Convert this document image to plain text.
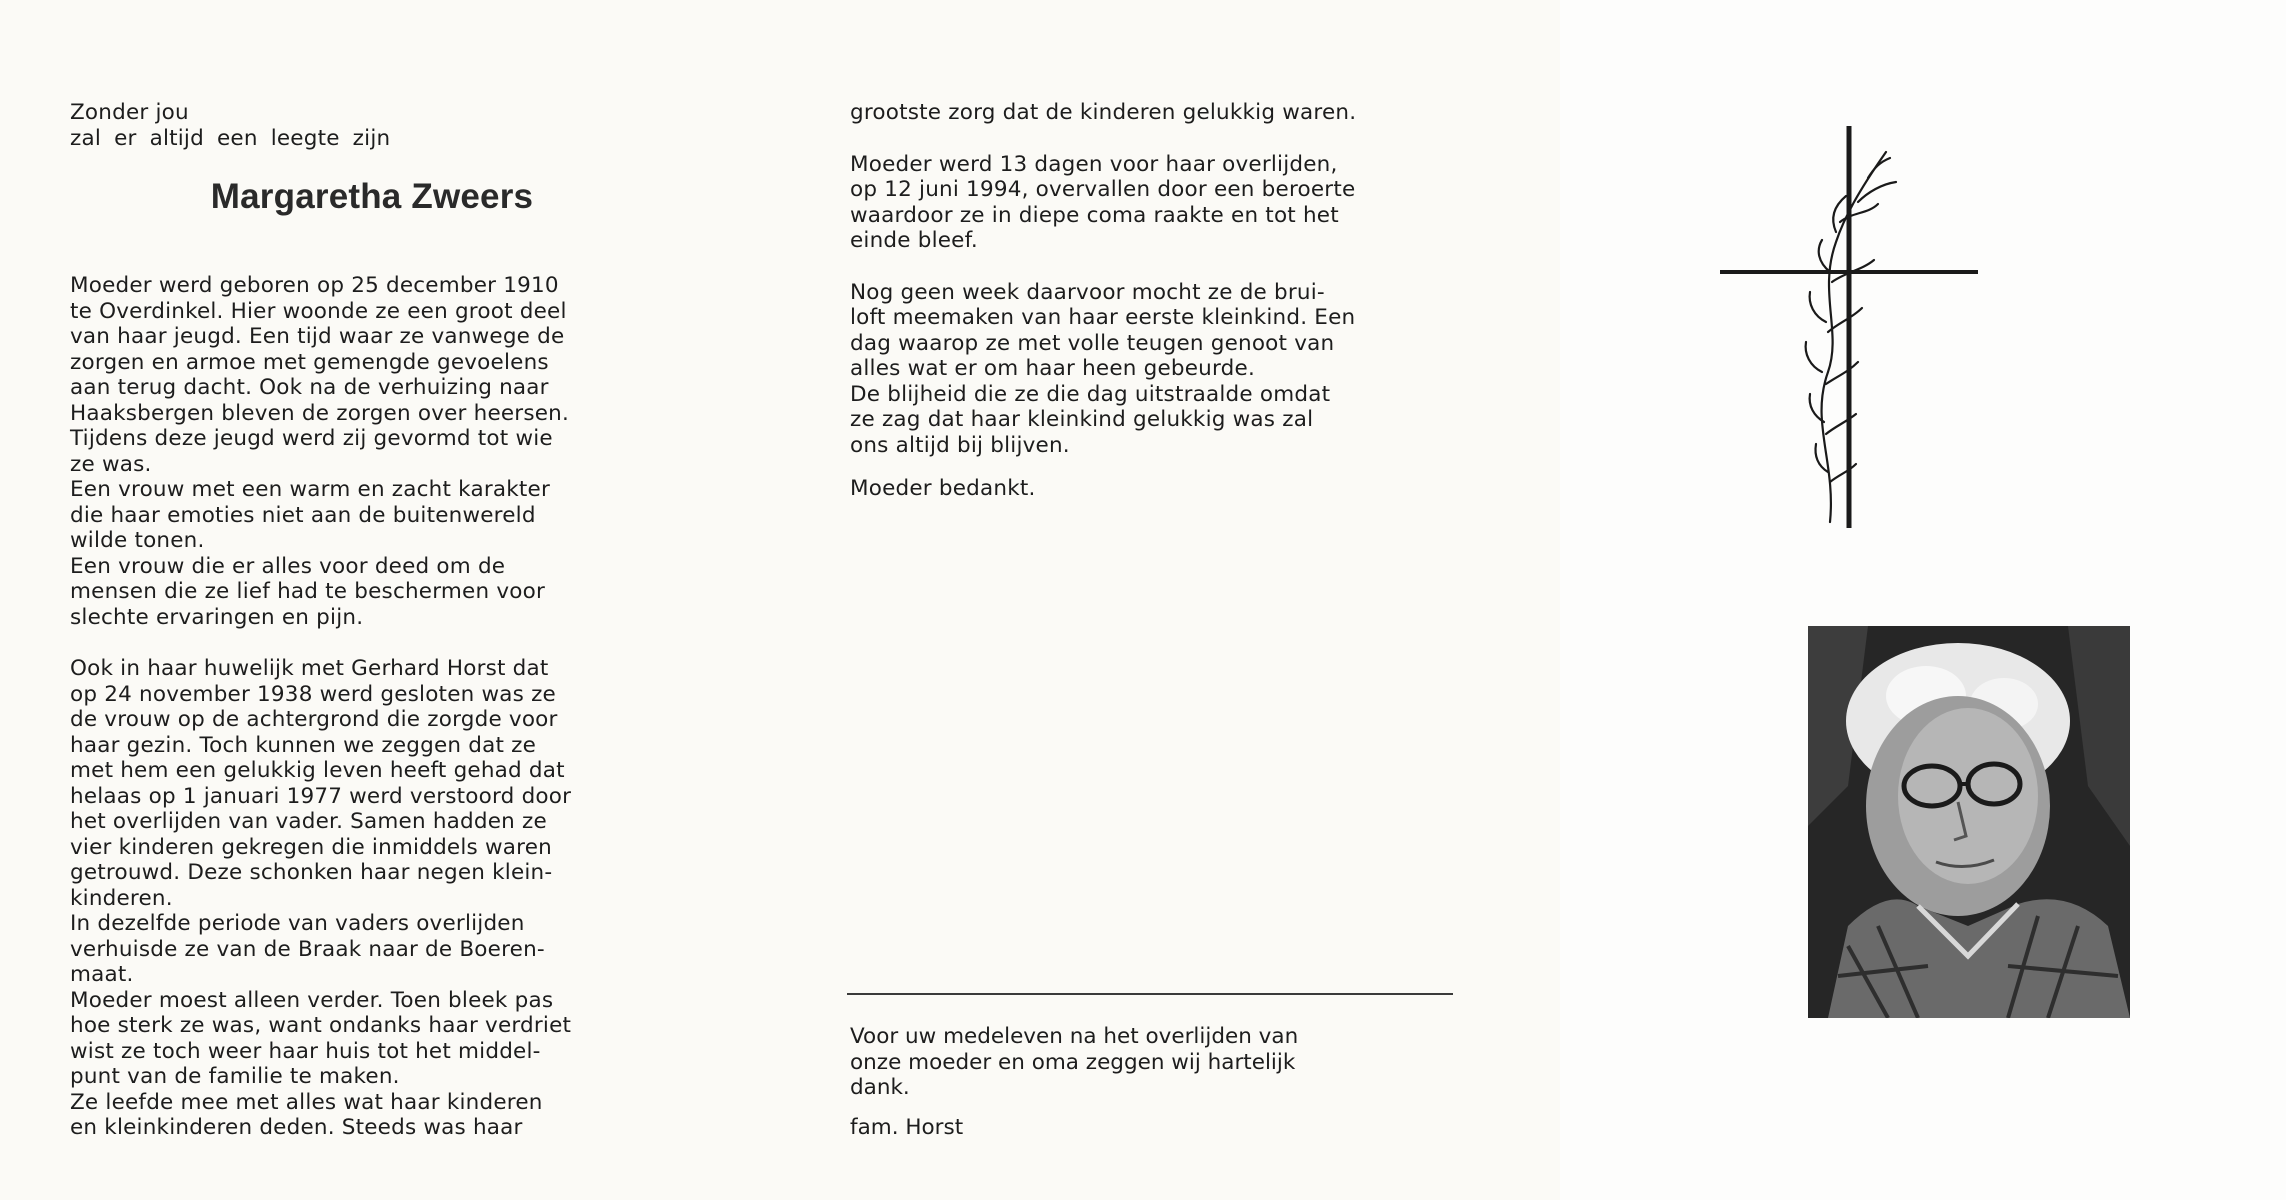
Zonder jou

zal er altijd een leegte zijn

Margaretha Zweers

Moeder werd geboren op 25 december 1910

te Overdinkel. Hier woonde ze een groot deel

van haar jeugd. Een tijd waar ze vanwege de

zorgen en armoe met gemengde gevoelens

aan terug dacht. Ook na de verhuizing naar

Haaksbergen bleven de zorgen over heersen.

Tijdens deze jeugd werd zij gevormd tot wie

ze was.

Een vrouw met een warm en zacht karakter

die haar emoties niet aan de buitenwereld

wilde tonen.

Een vrouw die er alles voor deed om de

mensen die ze lief had te beschermen voor

slechte ervaringen en pijn.

Ook in haar huwelijk met Gerhard Horst dat

op 24 november 1938 werd gesloten was ze

de vrouw op de achtergrond die zorgde voor

haar gezin. Toch kunnen we zeggen dat ze

met hem een gelukkig leven heeft gehad dat

helaas op 1 januari 1977 werd verstoord door

het overlijden van vader. Samen hadden ze

vier kinderen gekregen die inmiddels waren

getrouwd. Deze schonken haar negen klein-

kinderen.

In dezelfde periode van vaders overlijden

verhuisde ze van de Braak naar de Boeren-

maat.

Moeder moest alleen verder. Toen bleek pas

hoe sterk ze was, want ondanks haar verdriet

wist ze toch weer haar huis tot het middel-

punt van de familie te maken.

Ze leefde mee met alles wat haar kinderen

en kleinkinderen deden. Steeds was haar

grootste zorg dat de kinderen gelukkig waren.

Moeder werd 13 dagen voor haar overlijden,

op 12 juni 1994, overvallen door een beroerte

waardoor ze in diepe coma raakte en tot het

einde bleef.

Nog geen week daarvoor mocht ze de brui-

loft meemaken van haar eerste kleinkind. Een

dag waarop ze met volle teugen genoot van

alles wat er om haar heen gebeurde.

De blijheid die ze die dag uitstraalde omdat

ze zag dat haar kleinkind gelukkig was zal

ons altijd bij blijven.

Moeder bedankt.

Voor uw medeleven na het overlijden van

onze moeder en oma zeggen wij hartelijk

dank.

fam. Horst
